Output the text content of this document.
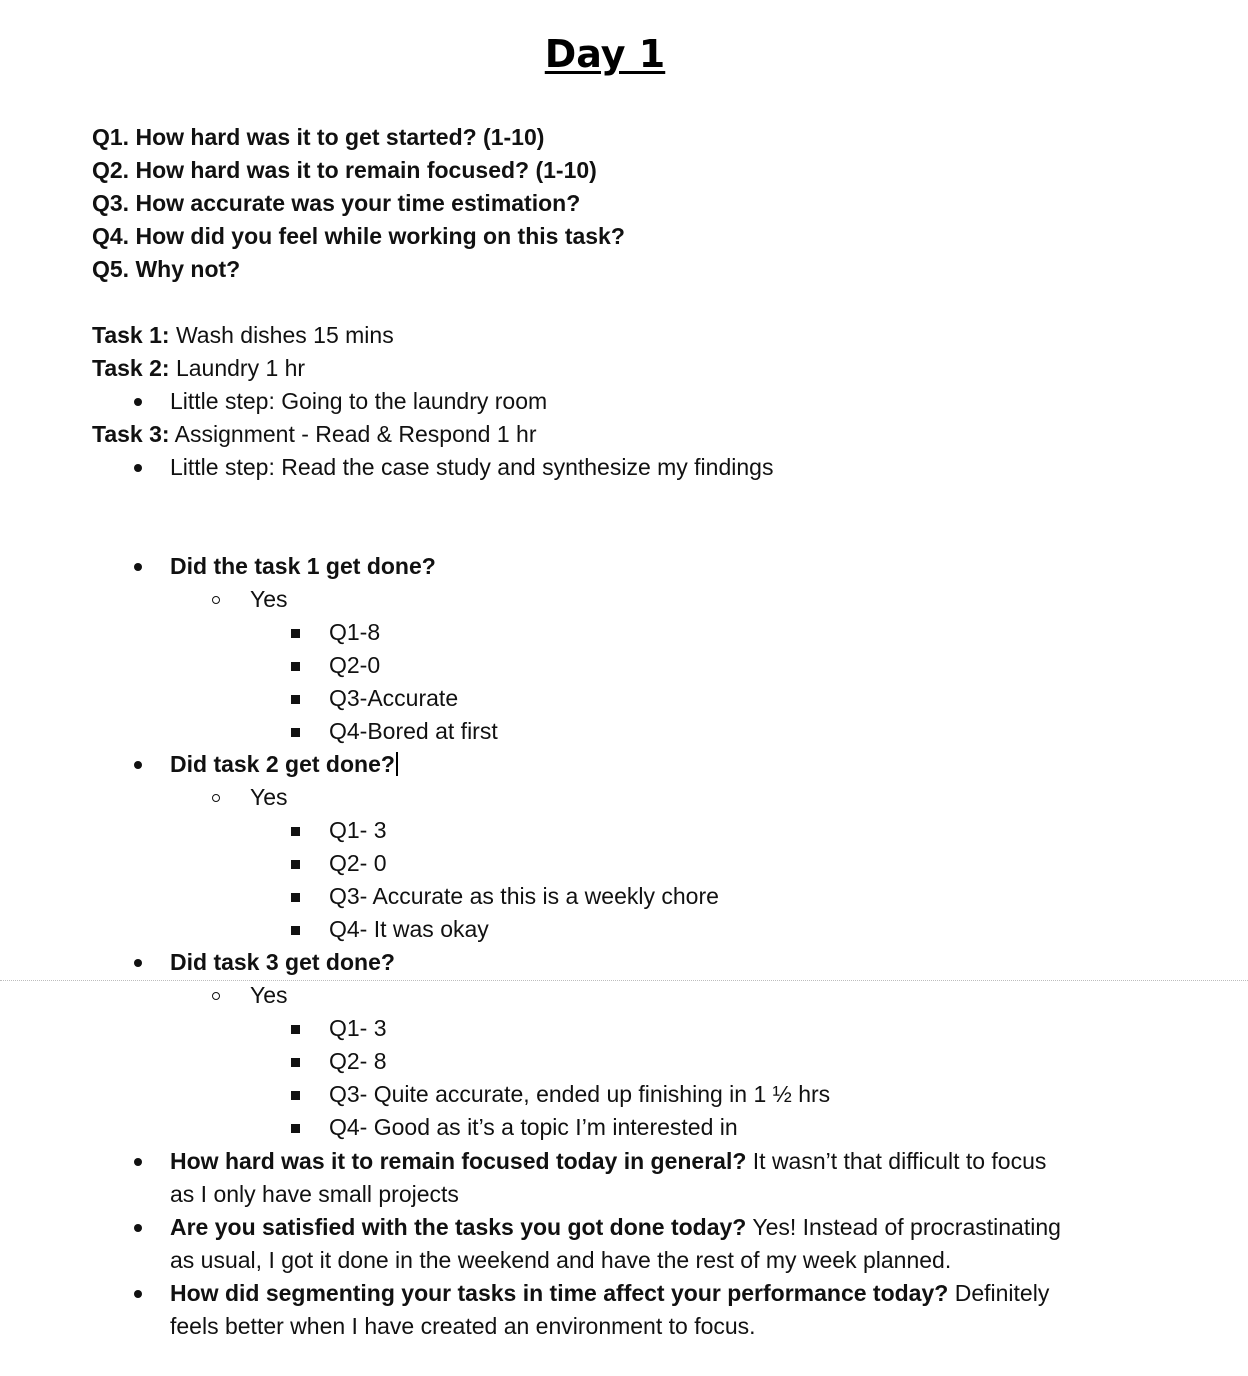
Day 1
Q1. How hard was it to get started? (1-10)
Q2. How hard was it to remain focused? (1-10)
Q3. How accurate was your time estimation?
Q4. How did you feel while working on this task?
Q5. Why not?
Task 1: Wash dishes 15 mins
Task 2: Laundry 1 hr
Little step: Going to the laundry room
Task 3: Assignment - Read & Respond 1 hr
Little step: Read the case study and synthesize my findings
Did the task 1 get done?
Yes
Q1-8
Q2-0
Q3-Accurate
Q4-Bored at first
Did task 2 get done?
Yes
Q1- 3
Q2- 0
Q3- Accurate as this is a weekly chore
Q4- It was okay
Did task 3 get done?
Yes
Q1- 3
Q2- 8
Q3- Quite accurate, ended up finishing in 1 ½ hrs
Q4- Good as it’s a topic I’m interested in
How hard was it to remain focused today in general? It wasn’t that difficult to focus
as I only have small projects
Are you satisfied with the tasks you got done today? Yes! Instead of procrastinating
as usual, I got it done in the weekend and have the rest of my week planned.
How did segmenting your tasks in time affect your performance today? Definitely
feels better when I have created an environment to focus.
